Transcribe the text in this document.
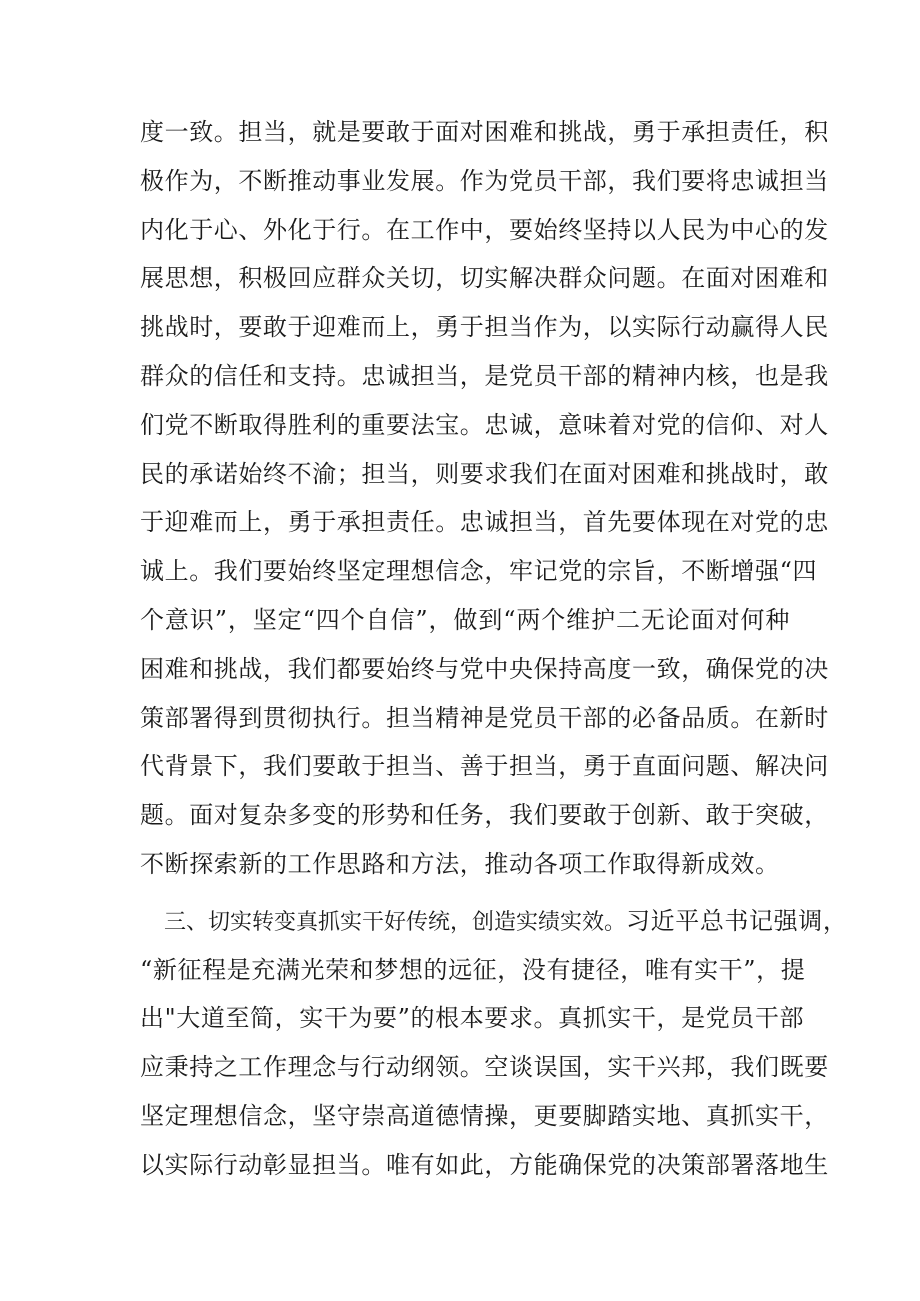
度一致。担当，就是要敢于面对困难和挑战，勇于承担责任，积
极作为，不断推动事业发展。作为党员干部，我们要将忠诚担当
内化于心、外化于行。在工作中，要始终坚持以人民为中心的发
展思想，积极回应群众关切，切实解决群众问题。在面对困难和
挑战时，要敢于迎难而上，勇于担当作为，以实际行动赢得人民
群众的信任和支持。忠诚担当，是党员干部的精神内核，也是我
们党不断取得胜利的重要法宝。忠诚，意味着对党的信仰、对人
民的承诺始终不渝；担当，则要求我们在面对困难和挑战时，敢
于迎难而上，勇于承担责任。忠诚担当，首先要体现在对党的忠
诚上。我们要始终坚定理想信念，牢记党的宗旨，不断增强“四
个意识”，坚定“四个自信”，做到“两个维护二无论面对何种
困难和挑战，我们都要始终与党中央保持高度一致，确保党的决
策部署得到贯彻执行。担当精神是党员干部的必备品质。在新时
代背景下，我们要敢于担当、善于担当，勇于直面问题、解决问
题。面对复杂多变的形势和任务，我们要敢于创新、敢于突破，
不断探索新的工作思路和方法，推动各项工作取得新成效。
三、切实转变真抓实干好传统，创造实绩实效。习近平总书记强调，
“新征程是充满光荣和梦想的远征，没有捷径，唯有实干”，提
出"大道至简，实干为要”的根本要求。真抓实干，是党员干部
应秉持之工作理念与行动纲领。空谈误国，实干兴邦，我们既要
坚定理想信念，坚守崇高道德情操，更要脚踏实地、真抓实干，
以实际行动彰显担当。唯有如此，方能确保党的决策部署落地生
